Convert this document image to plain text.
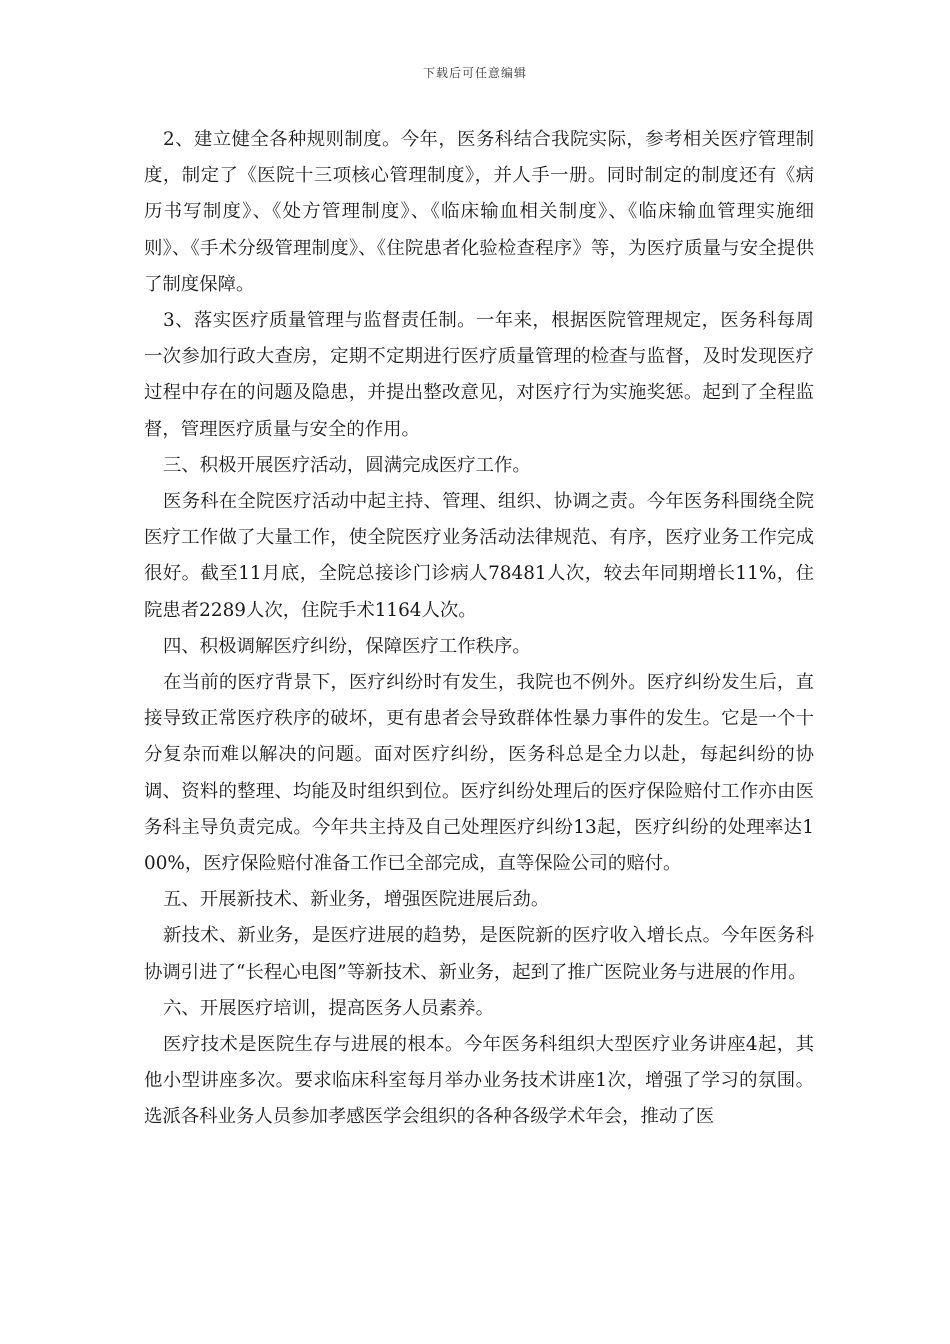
下载后可任意编辑

2、建立健全各种规则制度。今年，医务科结合我院实际，参考相关医疗管理制度，制定了《医院十三项核心管理制度》，并人手一册。同时制定的制度还有《病历书写制度》、《处方管理制度》、《临床输血相关制度》、《临床输血管理实施细则》、《手术分级管理制度》、《住院患者化验检查程序》等，为医疗质量与安全提供了制度保障。

3、落实医疗质量管理与监督责任制。一年来，根据医院管理规定，医务科每周一次参加行政大查房，定期不定期进行医疗质量管理的检查与监督，及时发现医疗过程中存在的问题及隐患，并提出整改意见，对医疗行为实施奖惩。起到了全程监督，管理医疗质量与安全的作用。

三、积极开展医疗活动，圆满完成医疗工作。

医务科在全院医疗活动中起主持、管理、组织、协调之责。今年医务科围绕全院医疗工作做了大量工作，使全院医疗业务活动法律规范、有序，医疗业务工作完成很好。截至11月底，全院总接诊门诊病人78481人次，较去年同期增长11%，住院患者2289人次，住院手术1164人次。

四、积极调解医疗纠纷，保障医疗工作秩序。

在当前的医疗背景下，医疗纠纷时有发生，我院也不例外。医疗纠纷发生后，直接导致正常医疗秩序的破坏，更有患者会导致群体性暴力事件的发生。它是一个十分复杂而难以解决的问题。面对医疗纠纷，医务科总是全力以赴，每起纠纷的协调、资料的整理、均能及时组织到位。医疗纠纷处理后的医疗保险赔付工作亦由医务科主导负责完成。今年共主持及自己处理医疗纠纷13起，医疗纠纷的处理率达100%，医疗保险赔付准备工作已全部完成，直等保险公司的赔付。

五、开展新技术、新业务，增强医院进展后劲。

新技术、新业务，是医疗进展的趋势，是医院新的医疗收入增长点。今年医务科协调引进了“长程心电图”等新技术、新业务，起到了推广医院业务与进展的作用。

六、开展医疗培训，提高医务人员素养。

医疗技术是医院生存与进展的根本。今年医务科组织大型医疗业务讲座4起，其他小型讲座多次。要求临床科室每月举办业务技术讲座1次，增强了学习的氛围。选派各科业务人员参加孝感医学会组织的各种各级学术年会，推动了医
